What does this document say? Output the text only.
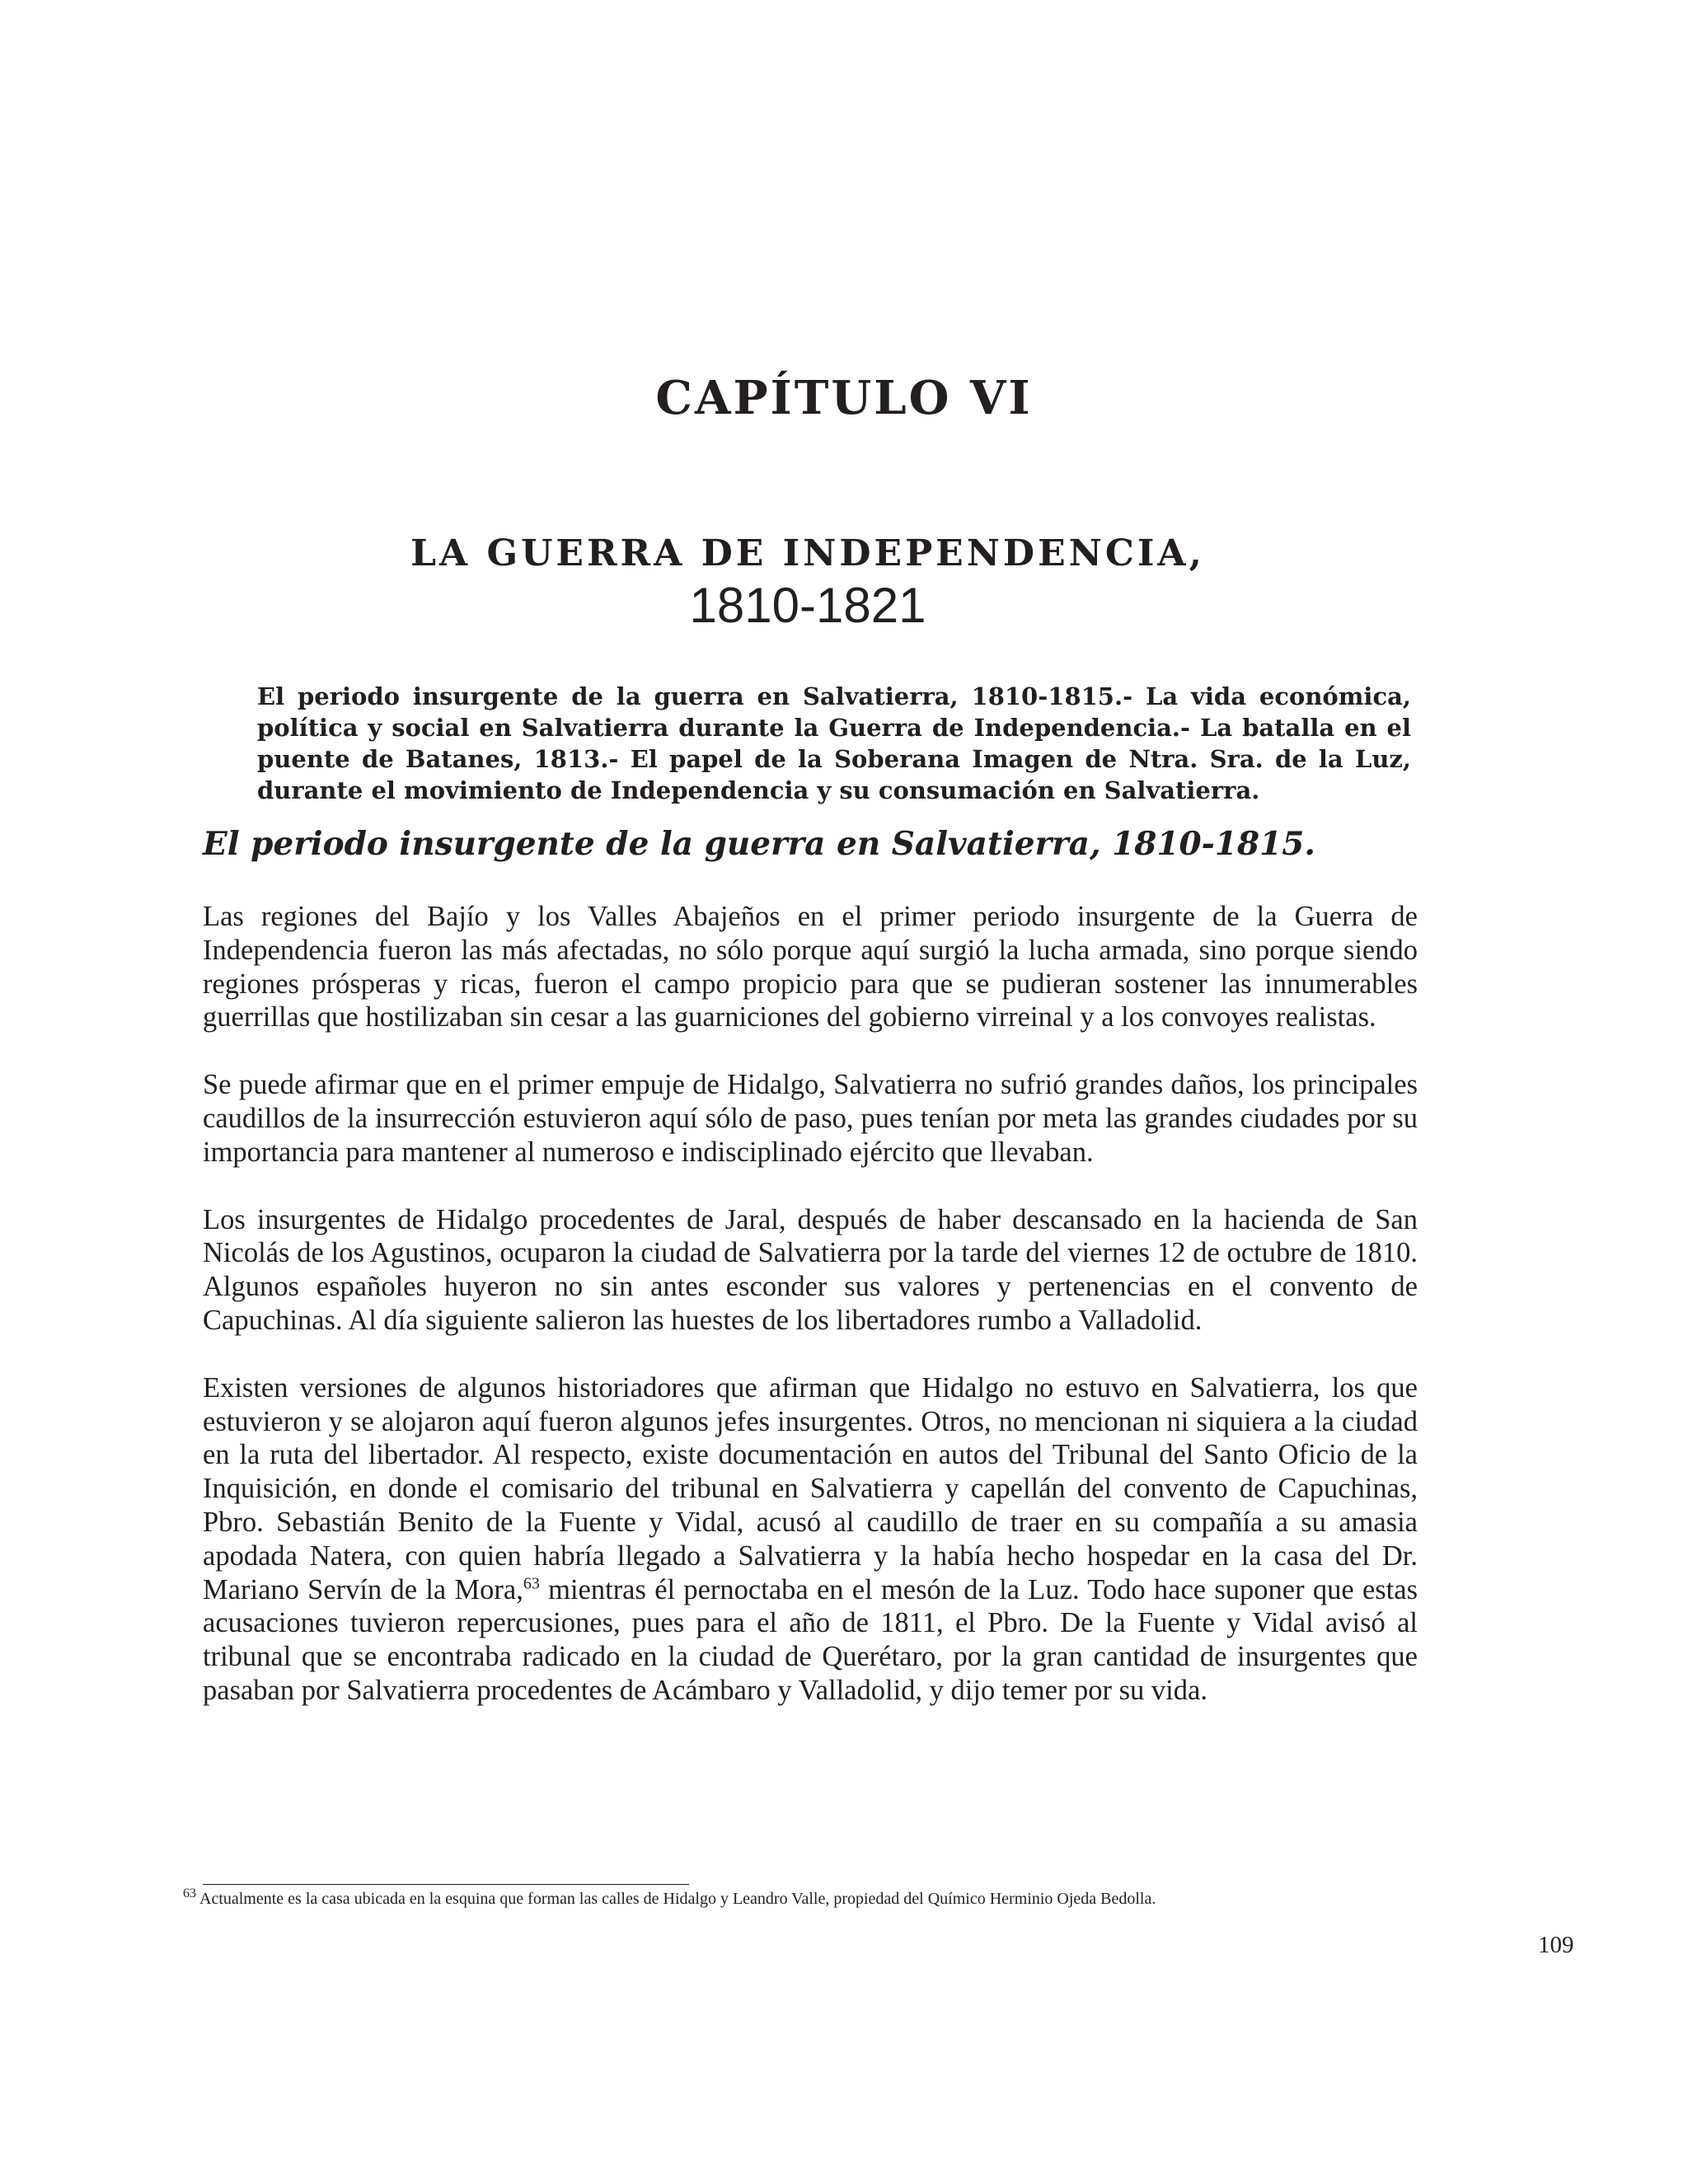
CAPÍTULO VI
LA GUERRA DE INDEPENDENCIA,
1810-1821

El periodo insurgente de la guerra en Salvatierra, 1810-1815.- La vida económica, política y social en Salvatierra durante la Guerra de Independencia.- La batalla en el puente de Batanes, 1813.- El papel de la Soberana Imagen de Ntra. Sra. de la Luz, durante el movimiento de Independencia y su consumación en Salvatierra.

El periodo insurgente de la guerra en Salvatierra, 1810-1815.

Las regiones del Bajío y los Valles Abajeños en el primer periodo insurgente de la Guerra de Independencia fueron las más afectadas, no sólo porque aquí surgió la lucha armada, sino porque siendo regiones prósperas y ricas, fueron el campo propicio para que se pudieran sostener las innumerables guerrillas que hostilizaban sin cesar a las guarniciones del gobierno virreinal y a los convoyes realistas.

Se puede afirmar que en el primer empuje de Hidalgo, Salvatierra no sufrió grandes daños, los principales caudillos de la insurrección estuvieron aquí sólo de paso, pues tenían por meta las grandes ciudades por su importancia para mantener al numeroso e indisciplinado ejército que llevaban.

Los insurgentes de Hidalgo procedentes de Jaral, después de haber descansado en la hacienda de San Nicolás de los Agustinos, ocuparon la ciudad de Salvatierra por la tarde del viernes 12 de octubre de 1810. Algunos españoles huyeron no sin antes esconder sus valores y pertenencias en el convento de Capuchinas. Al día siguiente salieron las huestes de los libertadores rumbo a Valladolid.

Existen versiones de algunos historiadores que afirman que Hidalgo no estuvo en Salvatierra, los que estuvieron y se alojaron aquí fueron algunos jefes insurgentes. Otros, no mencionan ni siquiera a la ciudad en la ruta del libertador. Al respecto, existe documentación en autos del Tribunal del Santo Oficio de la Inquisición, en donde el comisario del tribunal en Salvatierra y capellán del convento de Capuchinas, Pbro. Sebastián Benito de la Fuente y Vidal, acusó al caudillo de traer en su compañía a su amasia apodada Natera, con quien habría llegado a Salvatierra y la había hecho hospedar en la casa del Dr. Mariano Servín de la Mora,$^{63}$ mientras él pernoctaba en el mesón de la Luz. Todo hace suponer que estas acusaciones tuvieron repercusiones, pues para el año de 1811, el Pbro. De la Fuente y Vidal avisó al tribunal que se encontraba radicado en la ciudad de Querétaro, por la gran cantidad de insurgentes que pasaban por Salvatierra procedentes de Acámbaro y Valladolid, y dijo temer por su vida.

$^{63}$ Actualmente es la casa ubicada en la esquina que forman las calles de Hidalgo y Leandro Valle, propiedad del Químico Herminio Ojeda Bedolla.

109
